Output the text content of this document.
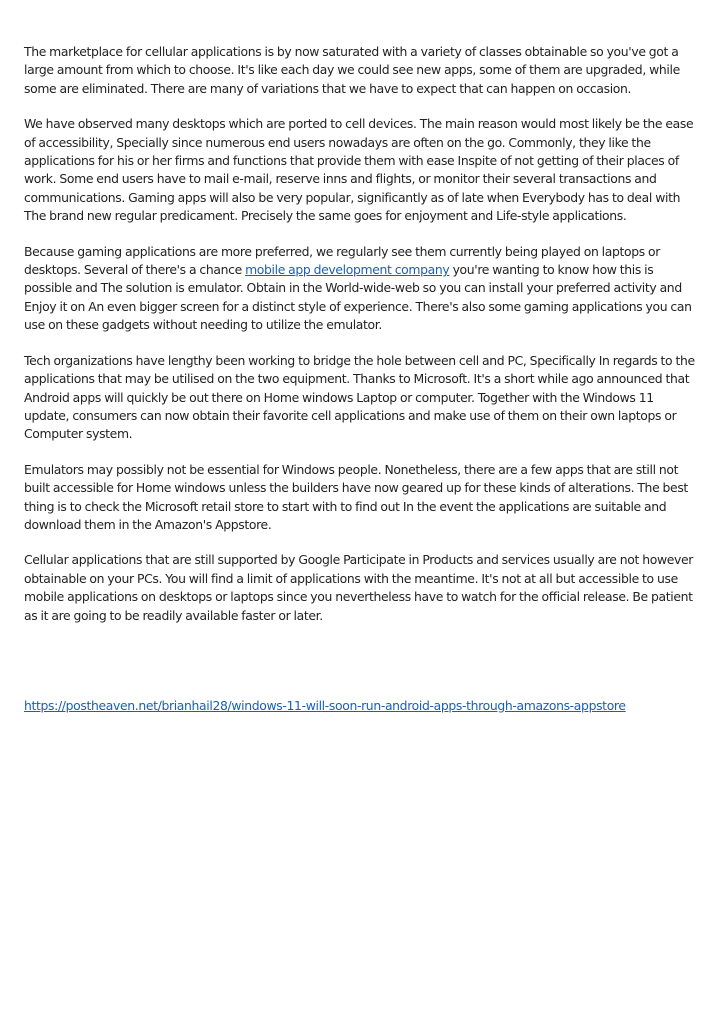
The marketplace for cellular applications is by now saturated with a variety of classes obtainable so you've got a large amount from which to choose. It's like each day we could see new apps, some of them are upgraded, while some are eliminated. There are many of variations that we have to expect that can happen on occasion.

We have observed many desktops which are ported to cell devices. The main reason would most likely be the ease of accessibility, Specially since numerous end users nowadays are often on the go. Commonly, they like the applications for his or her firms and functions that provide them with ease Inspite of not getting of their places of work. Some end users have to mail e-mail, reserve inns and flights, or monitor their several transactions and communications. Gaming apps will also be very popular, significantly as of late when Everybody has to deal with The brand new regular predicament. Precisely the same goes for enjoyment and Life-style applications.

Because gaming applications are more preferred, we regularly see them currently being played on laptops or desktops. Several of there's a chance mobile app development company you're wanting to know how this is possible and The solution is emulator. Obtain in the World-wide-web so you can install your preferred activity and Enjoy it on An even bigger screen for a distinct style of experience. There's also some gaming applications you can use on these gadgets without needing to utilize the emulator.

Tech organizations have lengthy been working to bridge the hole between cell and PC, Specifically In regards to the applications that may be utilised on the two equipment. Thanks to Microsoft. It's a short while ago announced that Android apps will quickly be out there on Home windows Laptop or computer. Together with the Windows 11 update, consumers can now obtain their favorite cell applications and make use of them on their own laptops or Computer system.

Emulators may possibly not be essential for Windows people. Nonetheless, there are a few apps that are still not built accessible for Home windows unless the builders have now geared up for these kinds of alterations. The best thing is to check the Microsoft retail store to start with to find out In the event the applications are suitable and download them in the Amazon's Appstore.

Cellular applications that are still supported by Google Participate in Products and services usually are not however obtainable on your PCs. You will find a limit of applications with the meantime. It's not at all but accessible to use mobile applications on desktops or laptops since you nevertheless have to watch for the official release. Be patient as it are going to be readily available faster or later.

https://postheaven.net/brianhail28/windows-11-will-soon-run-android-apps-through-amazons-appstore
